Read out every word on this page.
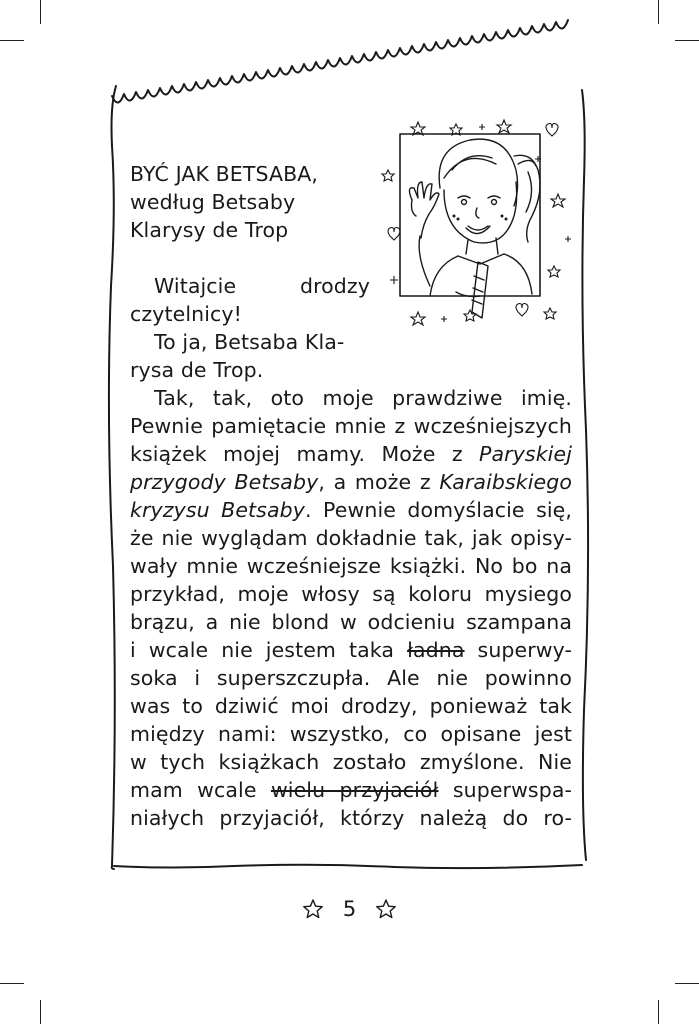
BYĆ JAK BETSABA,
według Betsaby
Klarysy de Trop
Witajcie	drodzy
czytelnicy!
To ja, Betsaba Kla-
rysa de Trop.
Tak, tak, oto moje prawdziwe imię.
Pewnie pamiętacie mnie z wcześniejszych
książek mojej mamy. Może z Paryskiej
przygody Betsaby, a może z Karaibskiego
kryzysu Betsaby. Pewnie domyślacie się,
że nie wyglądam dokładnie tak, jak opisy-
wały mnie wcześniejsze książki. No bo na
przykład, moje włosy są koloru mysiego
brązu, a nie blond w odcieniu szampana
i wcale nie jestem taka ładna superwy-
soka i superszczupła. Ale nie powinno
was to dziwić moi drodzy, ponieważ tak
między nami: wszystko, co opisane jest
w tych książkach zostało zmyślone. Nie
mam wcale wielu przyjaciół superwspa-
niałych przyjaciół, którzy należą do ro-
5
